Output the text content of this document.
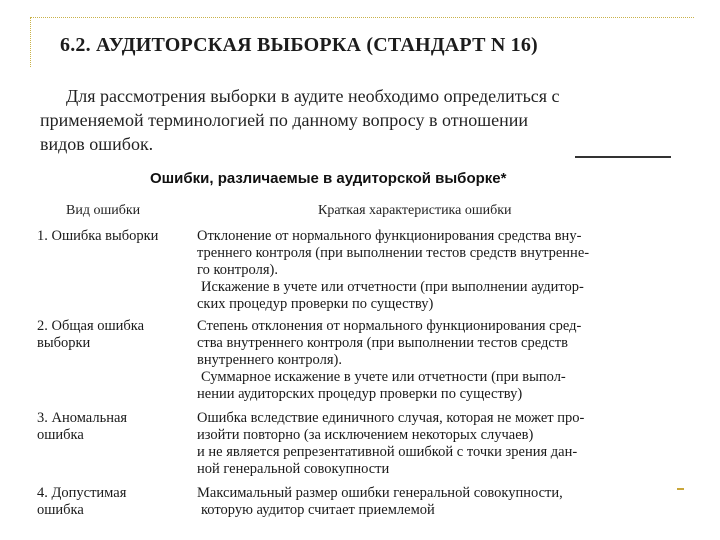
6.2. АУДИТОРСКАЯ ВЫБОРКА (СТАНДАРТ N 16)
Для рассмотрения выборки в аудите необходимо определиться с
применяемой терминологией по данному вопросу в отношении
видов ошибок.
Ошибки, различаемые в аудиторской выборке*
Вид ошибки	Краткая характеристика ошибки
1. Ошибка выборки	Отклонение от нормального функционирования средства вну-
треннего контроля (при выполнении тестов средств внутренне-
го контроля).
Искажение в учете или отчетности (при выполнении аудитор-
ских процедур проверки по существу)
2. Общая ошибка
выборки
Степень отклонения от нормального функционирования сред-
ства внутреннего контроля (при выполнении тестов средств
внутреннего контроля).
Суммарное искажение в учете или отчетности (при выпол-
нении аудиторских процедур проверки по существу)
3. Аномальная
ошибка
Ошибка вследствие единичного случая, которая не может про-
изойти повторно (за исключением некоторых случаев)
и не является репрезентативной ошибкой с точки зрения дан-
ной генеральной совокупности
4. Допустимая
ошибка
Максимальный размер ошибки генеральной совокупности,
которую аудитор считает приемлемой
